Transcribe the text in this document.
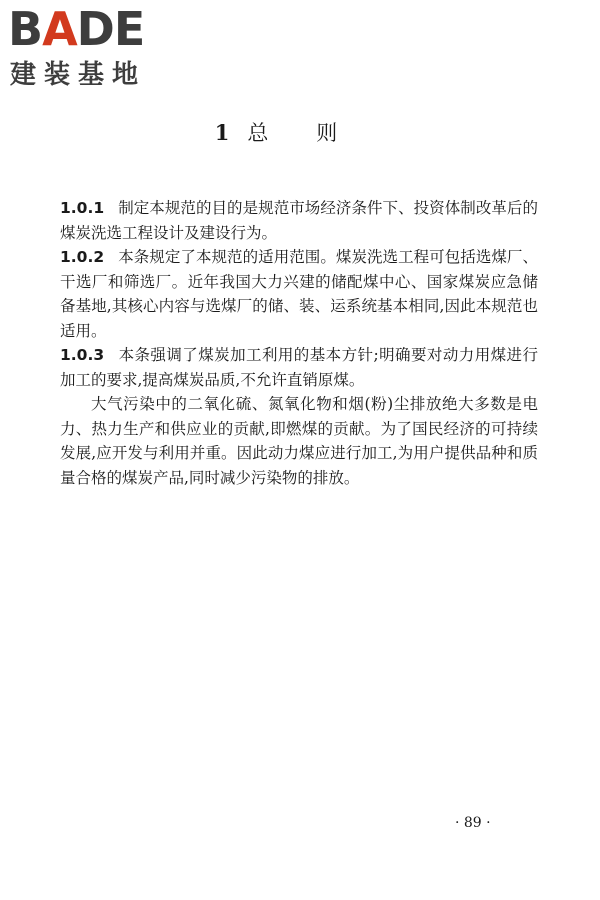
BADE
建装基地
1 总则

1.0.1 制定本规范的目的是规范市场经济条件下、投资体制改革后的煤炭洗选工程设计及建设行为。

1.0.2 本条规定了本规范的适用范围。煤炭洗选工程可包括选煤厂、干选厂和筛选厂。近年我国大力兴建的储配煤中心、国家煤炭应急储备基地,其核心内容与选煤厂的储、装、运系统基本相同,因此本规范也适用。

1.0.3 本条强调了煤炭加工利用的基本方针;明确要对动力用煤进行加工的要求,提高煤炭品质,不允许直销原煤。

大气污染中的二氧化硫、氮氧化物和烟(粉)尘排放绝大多数是电力、热力生产和供应业的贡献,即燃煤的贡献。为了国民经济的可持续发展,应开发与利用并重。因此动力煤应进行加工,为用户提供品种和质量合格的煤炭产品,同时减少污染物的排放。

· 89 ·
